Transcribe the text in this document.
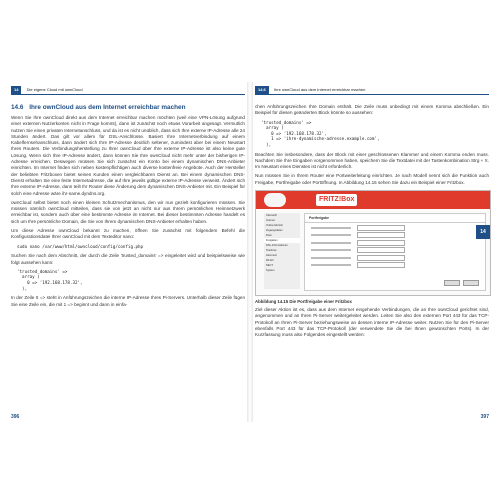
14 Die eigene Cloud mit ownCloud
14.6 Ihre ownCloud aus dem Internet erreichbar machen

Wenn Sie Ihre ownCloud direkt aus dem Internet erreichbar machen möchten (weil eine VPN-Lösung aufgrund einer externen Nutzerkonten nicht in Frage kommt), dann ist zunächst noch etwas Vorarbeit angesagt. Vermutlich nutzen Sie einen privaten Internetanschluss, und da ist es nicht unüblich, dass sich Ihre externe IP-Adresse alle 24 Stunden ändert. Das gilt vor allem für DSL-Anschlüsse. Basiert Ihre Internetverbindung auf einem Kabelfernsehanschluss, dann ändert sich Ihre IP-Adresse deutlich seltener, zumindest aber bei einem Neustart Ihres Routers. Die Verbindungsherstellung zu Ihrer ownCloud über Ihre externe IP-Adresse ist also keine gute Lösung. Wenn sich Ihre IP-Adresse ändert, dann können Sie Ihre ownCloud nicht mehr unter der bisherigen IP-Adresse erreichen. Deswegen müssen Sie sich zunächst ein Konto bei einem dynamischen DNS-Anbieter einrichten. Im Internet finden sich neben kostenpflichtigen auch diverse kostenfreie Angebote. Auch der Hersteller der beliebten Fritzboxen bietet seinen Kunden einen vergleichbaren Dienst an. Bei einem dynamischen DNS-Dienst erhalten Sie eine feste Internetadresse, die auf Ihre jeweils gültige externe IP-Adresse verweist. Ändert sich Ihre externe IP-Adresse, dann teilt Ihr Router diese Änderung dem dynamischen DNS-Anbieter mit. Ein Beispiel für solch eine Adresse wäre ihr-name.dyndns.org.

ownCloud selbst bietet noch einen kleinen Schutzmechanismus, den wir nun gezielt konfigurieren müssen. Sie müssen nämlich ownCloud mitteilen, dass sie von jetzt an nicht nur aus Ihrem persönlichen Heimnetzwerk erreichbar ist, sondern auch über eine bestimmte Adresse im Internet. Bei dieser bestimmten Adresse handelt es sich um Ihre persönliche Domain, die Sie von Ihrem dynamischen DNS-Anbieter erhalten haben.

Um diese Adresse ownCloud bekannt zu machen, öffnen Sie zunächst mit folgendem Befehl die Konfigurationsdatei Ihrer ownCloud mit dem Texteditor nano:

sudo nano /var/www/html/owncloud/config/config.php

Suchen Sie nach dem Abschnitt, der durch die Zeile 'trusted_domains' => eingeleitet wird und beispielsweise wie folgt aussehen kann:

'trusted_domains' =>
array (
0 => '192.168.178.32',
),

In der Zeile 0 => steht in Anführungszeichen die interne IP-Adresse Ihres Pi-Servers. Unterhalb dieser Zeile fügen Sie eine Zeile ein, die mit 1 => beginnt und dann in einfa-

396
14.6 Ihre ownCloud aus dem Internet erreichbar machen

chen Anführungszeichen Ihre Domain enthält. Die Zeile muss unbedingt mit einem Komma abschließen. Ein Beispiel für diesen geänderten Block könnte so aussehen:

'trusted_domains' =>
array (
0 => '192.168.178.32',
1 => 'ihre-dynamische-adresse.example.com',
),

Beachten Sie insbesondere, dass der Block mit einer geschlossenen Klammer und einem Komma enden muss. Nachdem Sie Ihre Eingaben vorgenommen haben, speichern Sie die Textdatei mit der Tastenkombination Strg + X. Im Neustart eines Dienstes ist nicht erforderlich.

Nun müssen Sie in Ihrem Router eine Portweiterleitung einrichten. Je nach Modell nennt sich die Funktion auch Freigabe, Portfreigabe oder Portöffnung. In Abbildung 14.15 sehen Sie dazu ein Beispiel einer Fritzbox.

FRITZ!Box
Übersicht
Internet
Online-Monitor
Zugangsdaten
Filter
Freigaben
DSL-Informationen
Telefonie
Heimnetz
WLAN
DECT
System
Portfreigabe
Abbildung 14.15 Die Portfreigabe einer Fritzbox

Ziel dieser Aktion ist es, dass aus dem Internet eingehende Verbindungen, die an Ihre ownCloud gerichtet sind, angenommen und an Ihren Pi-Server weitergeleitet werden. Leiten Sie also den externen Port 443 für das TCP-Protokoll an Ihren Pi-Server beziehungsweise an dessen interne IP-Adresse weiter. Nutzen Sie für den Pi-Server ebenfalls Port 443 für das TCP-Protokoll (der verwendete Sie die bei Ihnen gewünschten Ports). In der Kurzfassung muss also Folgendes eingestellt werden:

397
14
